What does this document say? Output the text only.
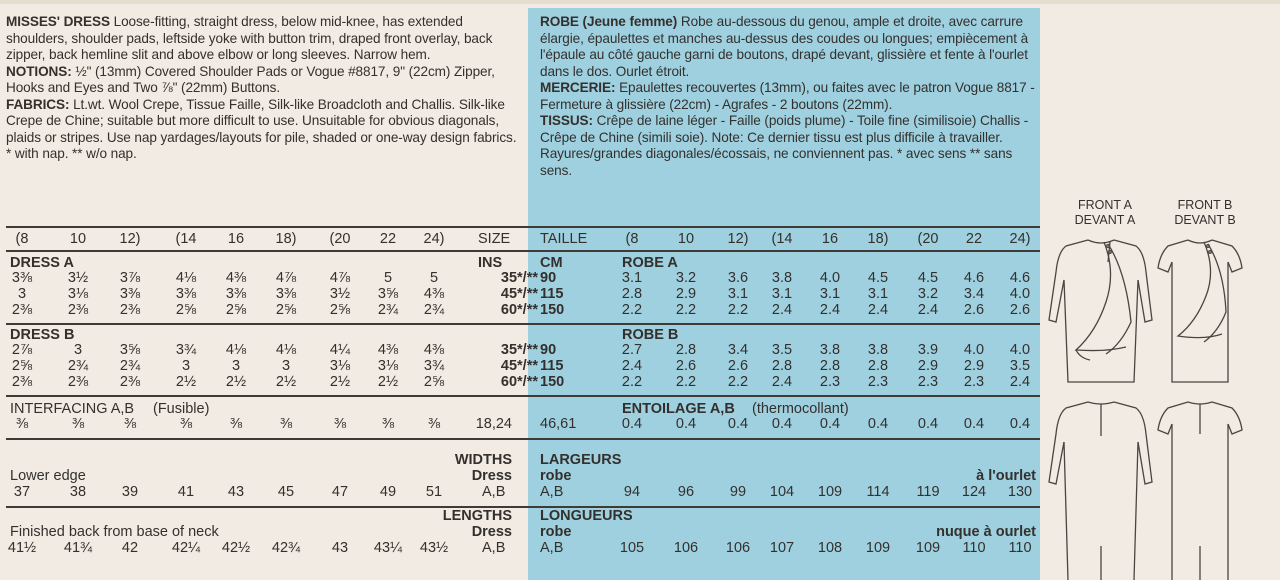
MISSES' DRESS Loose-fitting, straight dress, below mid-knee, has extended shoulders, shoulder pads, leftside yoke with button trim, draped front overlay, back zipper, back hemline slit and above elbow or long sleeves. Narrow hem.
NOTIONS: ½" (13mm) Covered Shoulder Pads or Vogue #8817, 9" (22cm) Zipper, Hooks and Eyes and Two ⅞" (22mm) Buttons.
FABRICS: Lt.wt. Wool Crepe, Tissue Faille, Silk-like Broadcloth and Challis. Silk-like Crepe de Chine; suitable but more difficult to use. Unsuitable for obvious diagonals, plaids or stripes. Use nap yardages/layouts for pile, shaded or one-way design fabrics. * with nap. ** w/o nap.
ROBE (Jeune femme) Robe au-dessous du genou, ample et droite, avec carrure élargie, épaulettes et manches au-dessus des coudes ou longues; empiècement à l'épaule au côté gauche garni de boutons, drapé devant, glissière et fente à l'ourlet dans le dos. Ourlet étroit.
MERCERIE: Epaulettes recouvertes (13mm), ou faites avec le patron Vogue 8817 - Fermeture à glissière (22cm) - Agrafes - 2 boutons (22mm).
TISSUS: Crêpe de laine léger - Faille (poids plume) - Toile fine (similisoie) Challis - Crêpe de Chine (simili soie). Note: Ce dernier tissu est plus difficile à travailler. Rayures/grandes diagonales/écossais, ne conviennent pas. * avec sens ** sans sens.
(8	10	12)	(14	16	18)	(20	22	24)	SIZE TAILLE	(8	10	12)	(14	16	18)	(20	22	24)
DRESS A	ROBE A
INS	CM
3⅜	3½	3⅞	4⅛	4⅜	4⅞	4⅞	5	5	35*/** 90	3.1	3.2	3.6	3.8	4.0	4.5	4.5	4.6	4.6
3	3⅛	3⅜	3⅜	3⅜	3⅜	3½	3⅝	4⅜	45*/** 115	2.8	2.9	3.1	3.1	3.1	3.1	3.2	3.4	4.0
2⅜	2⅜	2⅜	2⅝	2⅝	2⅝	2⅝	2¾	2¾	60*/** 150	2.2	2.2	2.2	2.4	2.4	2.4	2.4	2.6	2.6
DRESS B	ROBE B
2⅞	3	3⅝	3¾	4⅛	4⅛	4¼	4⅜	4⅜	35*/** 90	2.7	2.8	3.4	3.5	3.8	3.8	3.9	4.0	4.0
2⅝	2¾	2¾	3	3	3	3⅛	3⅛	3¾	45*/** 115	2.4	2.6	2.6	2.8	2.8	2.8	2.9	2.9	3.5
2⅜	2⅜	2⅜	2½	2½	2½	2½	2½	2⅝	60*/** 150	2.2	2.2	2.2	2.4	2.3	2.3	2.3	2.3	2.4
INTERFACING A,B (Fusible)	ENTOILAGE A,B (thermocollant)
⅜	⅜	⅜	⅜	⅜	⅜	⅜	⅜	⅜	18,24 46,61	0.4	0.4	0.4	0.4	0.4	0.4	0.4	0.4	0.4
WIDTHS LARGEURS
Lower edge	Dress robe	à l'ourlet
37	38	39	41	43	45	47	49	51	A,B A,B	94	96	99	104	109	114	119	124	130
LENGTHS LONGUEURS
Finished back from base of neck	Dress robe	nuque à ourlet
41½	41¾	42	42¼	42½	42¾	43	43¼	43½	A,B A,B	105	106	106	107	108	109	109	110	110
FRONT A
DEVANT A
FRONT B
DEVANT B
